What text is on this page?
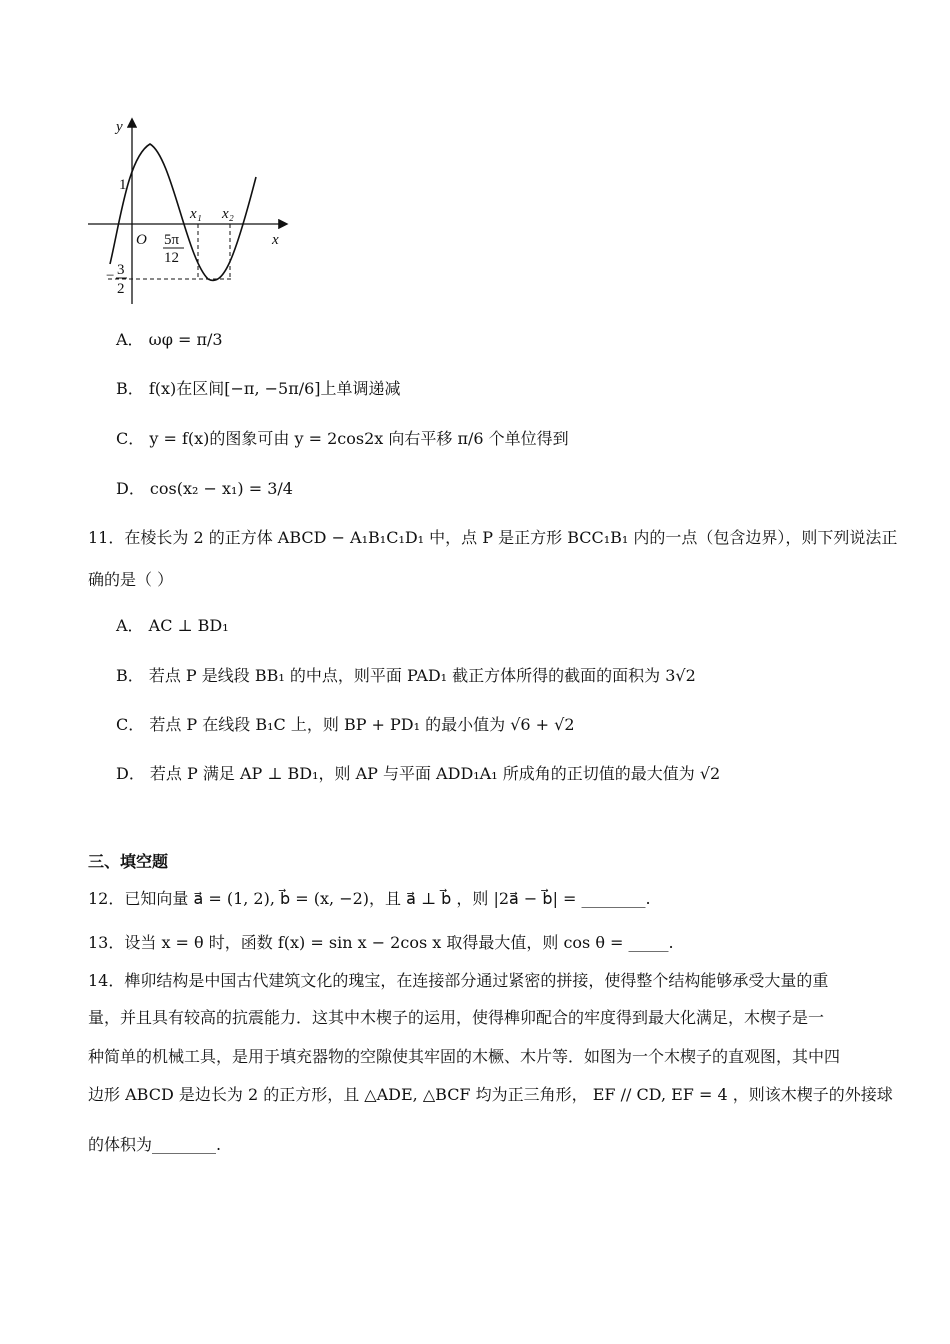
y
x
O
1
5π
12
x₁ x₂
− 3
2
A． ωφ = π/3
B． f(x)在区间[−π, −5π/6]上单调递减
C． y = f(x)的图象可由 y = 2cos2x 向右平移 π/6 个单位得到
D． cos(x₂ − x₁) = 3/4
11．在棱长为 2 的正方体 ABCD − A₁B₁C₁D₁ 中，点 P 是正方形 BCC₁B₁ 内的一点（包含边界），则下列说法正
确的是（ ）
A． AC ⊥ BD₁
B． 若点 P 是线段 BB₁ 的中点，则平面 PAD₁ 截正方体所得的截面的面积为 3√2
C． 若点 P 在线段 B₁C 上，则 BP + PD₁ 的最小值为 √6 + √2
D． 若点 P 满足 AP ⊥ BD₁，则 AP 与平面 ADD₁A₁ 所成角的正切值的最大值为 √2
三、填空题
12．已知向量 a⃗ = (1, 2), b⃗ = (x, −2)，且 a⃗ ⊥ b⃗ ，则 |2a⃗ − b⃗| = ________.
13．设当 x = θ 时，函数 f(x) = sin x − 2cos x 取得最大值，则 cos θ = _____.
14．榫卯结构是中国古代建筑文化的瑰宝，在连接部分通过紧密的拼接，使得整个结构能够承受大量的重
量，并且具有较高的抗震能力．这其中木楔子的运用，使得榫卯配合的牢度得到最大化满足，木楔子是一
种简单的机械工具，是用于填充器物的空隙使其牢固的木橛、木片等．如图为一个木楔子的直观图，其中四
边形 ABCD 是边长为 2 的正方形，且 △ADE, △BCF 均为正三角形， EF // CD, EF = 4 ，则该木楔子的外接球
的体积为________.
